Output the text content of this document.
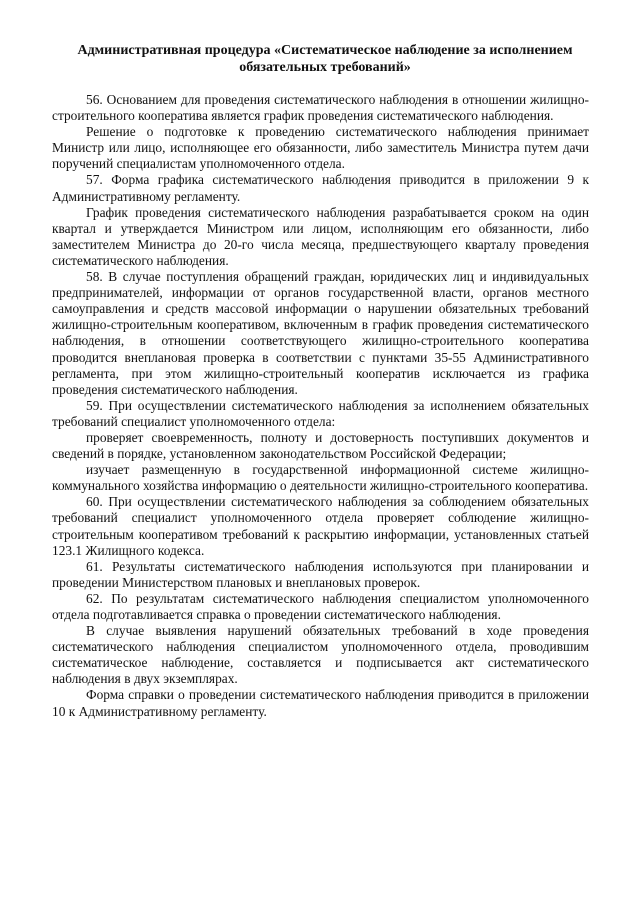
Административная процедура «Систематическое наблюдение за исполнением обязательных требований»

56. Основанием для проведения систематического наблюдения в отношении жилищно-строительного кооператива является график проведения систематического наблюдения.

Решение о подготовке к проведению систематического наблюдения принимает Министр или лицо, исполняющее его обязанности, либо заместитель Министра путем дачи поручений специалистам уполномоченного отдела.

57. Форма графика систематического наблюдения приводится в приложении 9 к Административному регламенту.

График проведения систематического наблюдения разрабатывается сроком на один квартал и утверждается Министром или лицом, исполняющим его обязанности, либо заместителем Министра до 20-го числа месяца, предшествующего кварталу проведения систематического наблюдения.

58. В случае поступления обращений граждан, юридических лиц и индивидуальных предпринимателей, информации от органов государственной власти, органов местного самоуправления и средств массовой информации о нарушении обязательных требований жилищно-строительным кооперативом, включенным в график проведения систематического наблюдения, в отношении соответствующего жилищно-строительного кооператива проводится внеплановая проверка в соответствии с пунктами 35-55 Административного регламента, при этом жилищно-строительный кооператив исключается из графика проведения систематического наблюдения.

59. При осуществлении систематического наблюдения за исполнением обязательных требований специалист уполномоченного отдела:

проверяет своевременность, полноту и достоверность поступивших документов и сведений в порядке, установленном законодательством Российской Федерации;

изучает размещенную в государственной информационной системе жилищно-коммунального хозяйства информацию о деятельности жилищно-строительного кооператива.

60. При осуществлении систематического наблюдения за соблюдением обязательных требований специалист уполномоченного отдела проверяет соблюдение жилищно-строительным кооперативом требований к раскрытию информации, установленных статьей 123.1 Жилищного кодекса.

61. Результаты систематического наблюдения используются при планировании и проведении Министерством плановых и внеплановых проверок.

62. По результатам систематического наблюдения специалистом уполномоченного отдела подготавливается справка о проведении систематического наблюдения.

В случае выявления нарушений обязательных требований в ходе проведения систематического наблюдения специалистом уполномоченного отдела, проводившим систематическое наблюдение, составляется и подписывается акт систематического наблюдения в двух экземплярах.

Форма справки о проведении систематического наблюдения приводится в приложении 10 к Административному регламенту.
